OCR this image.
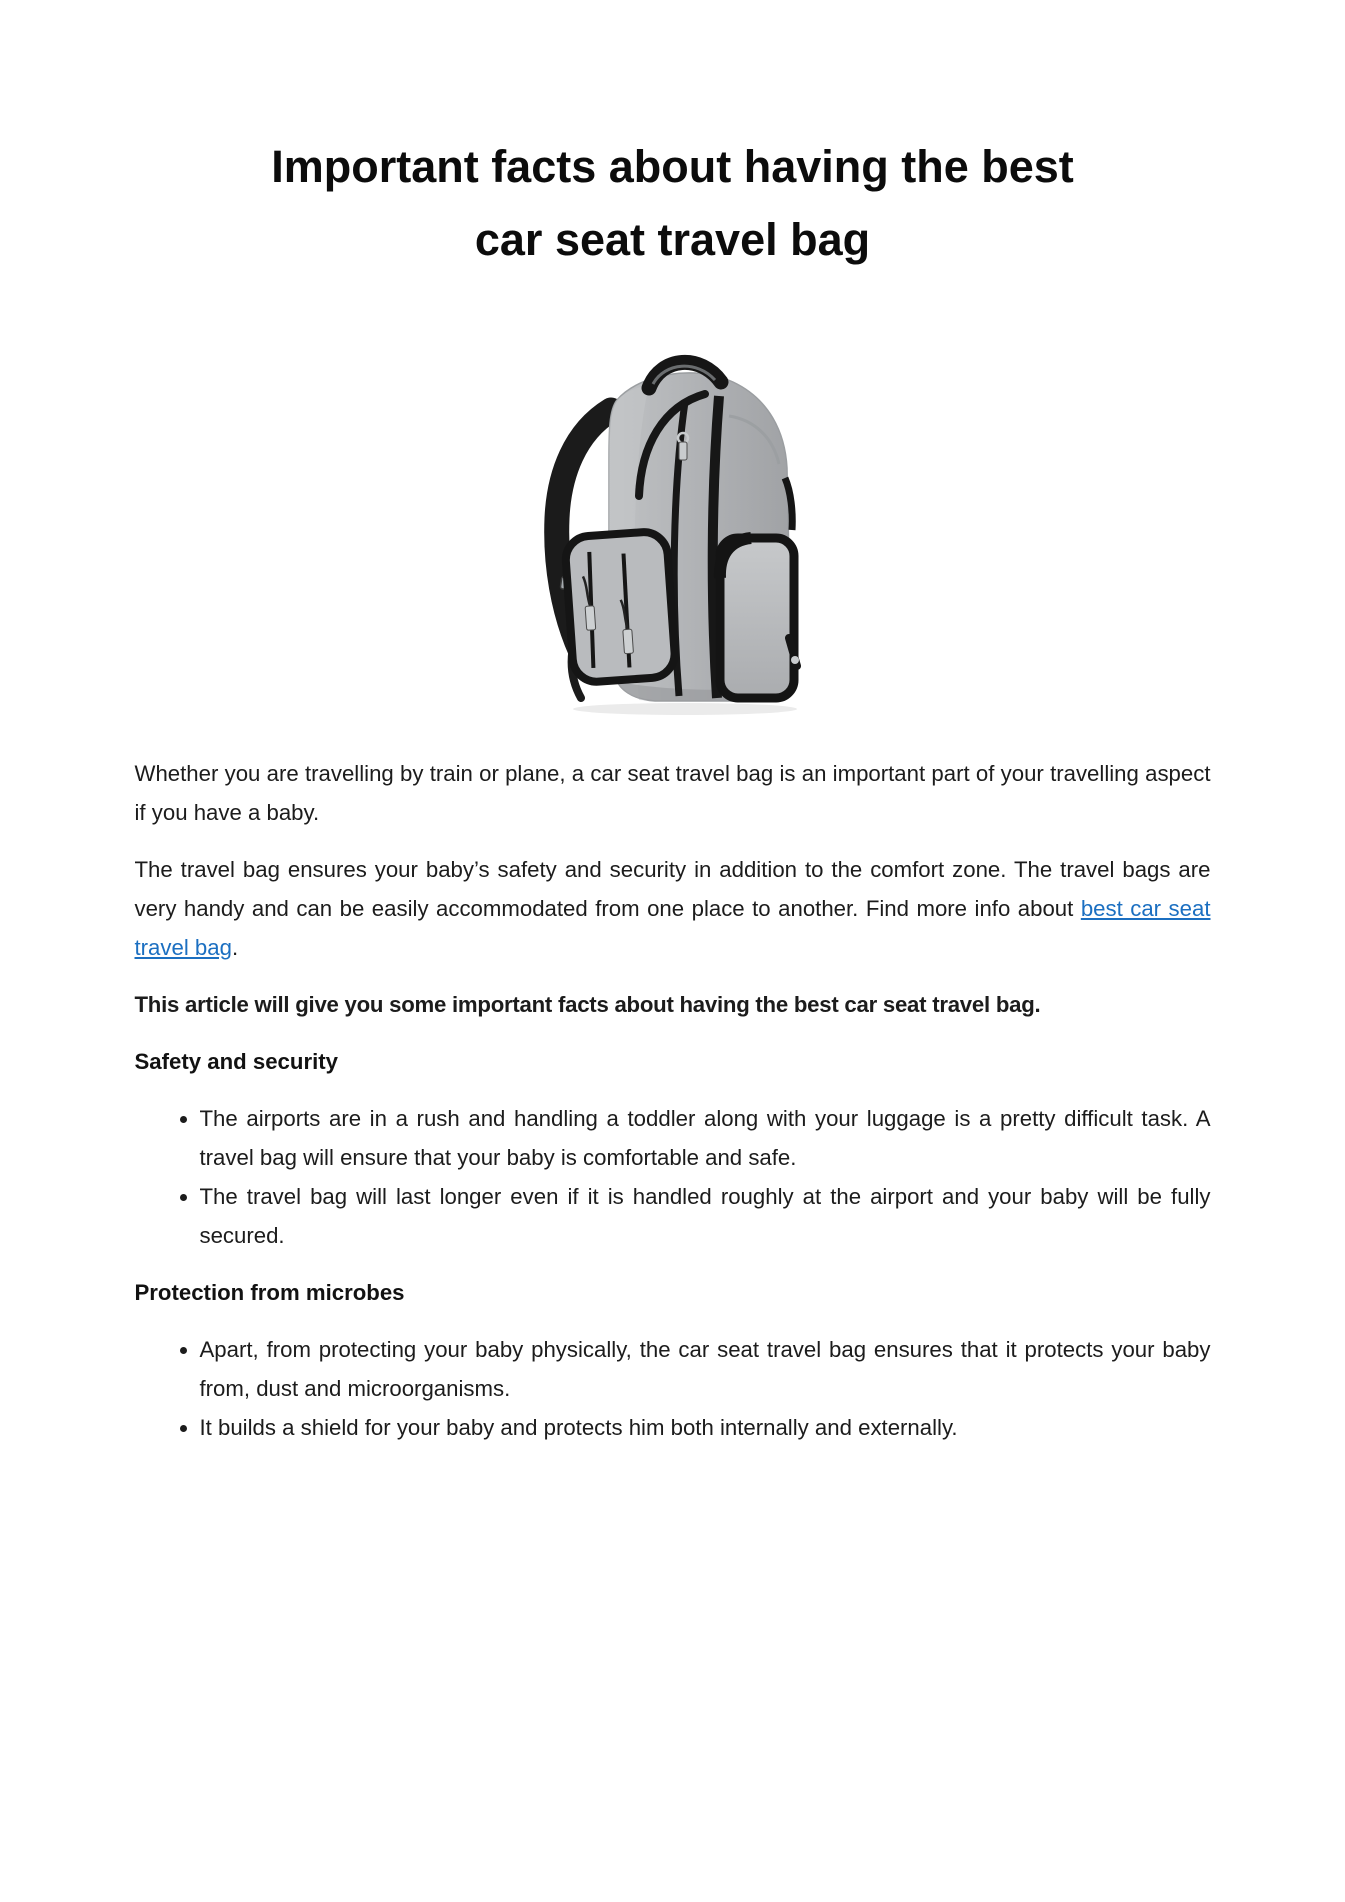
Important facts about having the best
car seat travel bag

Whether you are travelling by train or plane, a car seat travel bag is an important part of your travelling aspect if you have a baby.

The travel bag ensures your baby’s safety and security in addition to the comfort zone. The travel bags are very handy and can be easily accommodated from one place to another. Find more info about best car seat travel bag.

This article will give you some important facts about having the best car seat travel bag.

Safety and security
• The airports are in a rush and handling a toddler along with your luggage is a pretty difficult task. A travel bag will ensure that your baby is comfortable and safe.
• The travel bag will last longer even if it is handled roughly at the airport and your baby will be fully secured.
Protection from microbes
• Apart, from protecting your baby physically, the car seat travel bag ensures that it protects your baby from, dust and microorganisms.
• It builds a shield for your baby and protects him both internally and externally.
